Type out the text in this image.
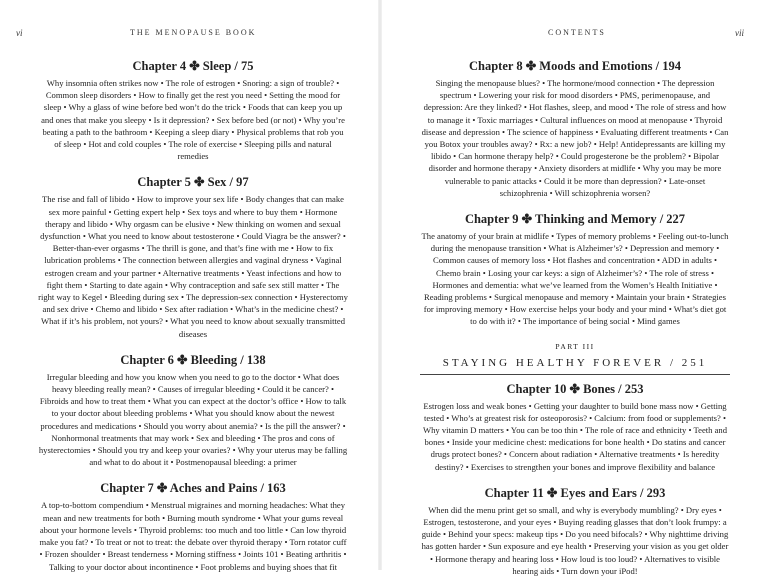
vi	THE MENOPAUSE BOOK

Chapter 4 ✤ Sleep / 75

Why insomnia often strikes now • The role of estrogen • Snoring: a sign of trouble? • Common sleep disorders • How to finally get the rest you need • Setting the mood for sleep • Why a glass of wine before bed won’t do the trick • Foods that can keep you up and ones that make you sleepy • Is it depression? • Sex before bed (or not) • Why you’re beating a path to the bathroom • Keeping a sleep diary • Physical problems that rob you of sleep • Hot and cold couples • The role of exercise • Sleeping pills and natural remedies

Chapter 5 ✤ Sex / 97

The rise and fall of libido • How to improve your sex life • Body changes that can make sex more painful • Getting expert help • Sex toys and where to buy them • Hormone therapy and libido • Why orgasm can be elusive • New thinking on women and sexual dysfunction • What you need to know about testosterone • Could Viagra be the answer? • Better-than-ever orgasms • The thrill is gone, and that’s fine with me • How to fix lubrication problems • The connection between allergies and vaginal dryness • Vaginal estrogen cream and your partner • Alternative treatments • Yeast infections and how to fight them • Starting to date again • Why contraception and safe sex still matter • The right way to Kegel • Bleeding during sex • The depression-sex connection • Hysterectomy and sex drive • Chemo and libido • Sex after radiation • What’s in the medicine chest? • What if it’s his problem, not yours? • What you need to know about sexually transmitted diseases

Chapter 6 ✤ Bleeding / 138

Irregular bleeding and how you know when you need to go to the doctor • What does heavy bleeding really mean? • Causes of irregular bleeding • Could it be cancer? • Fibroids and how to treat them • What you can expect at the doctor’s office • How to talk to your doctor about bleeding problems • What you should know about the newest procedures and medications • Should you worry about anemia? • Is the pill the answer? • Nonhormonal treatments that may work • Sex and bleeding • The pros and cons of hysterectomies • Should you try and keep your ovaries? • Why your uterus may be falling and what to do about it • Postmenopausal bleeding: a primer

Chapter 7 ✤ Aches and Pains / 163

A top-to-bottom compendium • Menstrual migraines and morning headaches: What they mean and new treatments for both • Burning mouth syndrome • What your gums reveal about your hormone levels • Thyroid problems: too much and too little • Can low thyroid make you fat? • To treat or not to treat: the debate over thyroid therapy • Torn rotator cuff • Frozen shoulder • Breast tenderness • Morning stiffness • Joints 101 • Beating arthritis • Talking to your doctor about incontinence • Foot problems and buying shoes that fit

CONTENTS	vii

Chapter 8 ✤ Moods and Emotions / 194

Singing the menopause blues? • The hormone/mood connection • The depression spectrum • Lowering your risk for mood disorders • PMS, perimenopause, and depression: Are they linked? • Hot flashes, sleep, and mood • The role of stress and how to manage it • Toxic marriages • Cultural influences on mood at menopause • Thyroid disease and depression • The science of happiness • Evaluating different treatments • Can you Botox your troubles away? • Rx: a new job? • Help! Antidepressants are killing my libido • Can hormone therapy help? • Could progesterone be the problem? • Bipolar disorder and hormone therapy • Anxiety disorders at midlife • Why you may be more vulnerable to panic attacks • Could it be more than depression? • Late-onset schizophrenia • Will schizophrenia worsen?

Chapter 9 ✤ Thinking and Memory / 227

The anatomy of your brain at midlife • Types of memory problems • Feeling out-to-lunch during the menopause transition • What is Alzheimer’s? • Depression and memory • Common causes of memory loss • Hot flashes and concentration • ADD in adults • Chemo brain • Losing your car keys: a sign of Alzheimer’s? • The role of stress • Hormones and dementia: what we’ve learned from the Women’s Health Initiative • Reading problems • Surgical menopause and memory • Maintain your brain • Strategies for improving memory • How exercise helps your body and your mind • What’s diet got to do with it? • The importance of being social • Mind games

PART III

STAYING HEALTHY FOREVER / 251

Chapter 10 ✤ Bones / 253

Estrogen loss and weak bones • Getting your daughter to build bone mass now • Getting tested • Who’s at greatest risk for osteoporosis? • Calcium: from food or supplements? • Why vitamin D matters • You can be too thin • The role of race and ethnicity • Teeth and bones • Inside your medicine chest: medications for bone health • Do statins and cancer drugs protect bones? • Concern about radiation • Alternative treatments • Is heredity destiny? • Exercises to strengthen your bones and improve flexibility and balance

Chapter 11 ✤ Eyes and Ears / 293

When did the menu print get so small, and why is everybody mumbling? • Dry eyes • Estrogen, testosterone, and your eyes • Buying reading glasses that don’t look frumpy: a guide • Behind your specs: makeup tips • Do you need bifocals? • Why nighttime driving has gotten harder • Sun exposure and eye health • Preserving your vision as you get older • Hormone therapy and hearing loss • How loud is too loud? • Alternatives to visible hearing aids • Turn down your iPod!
